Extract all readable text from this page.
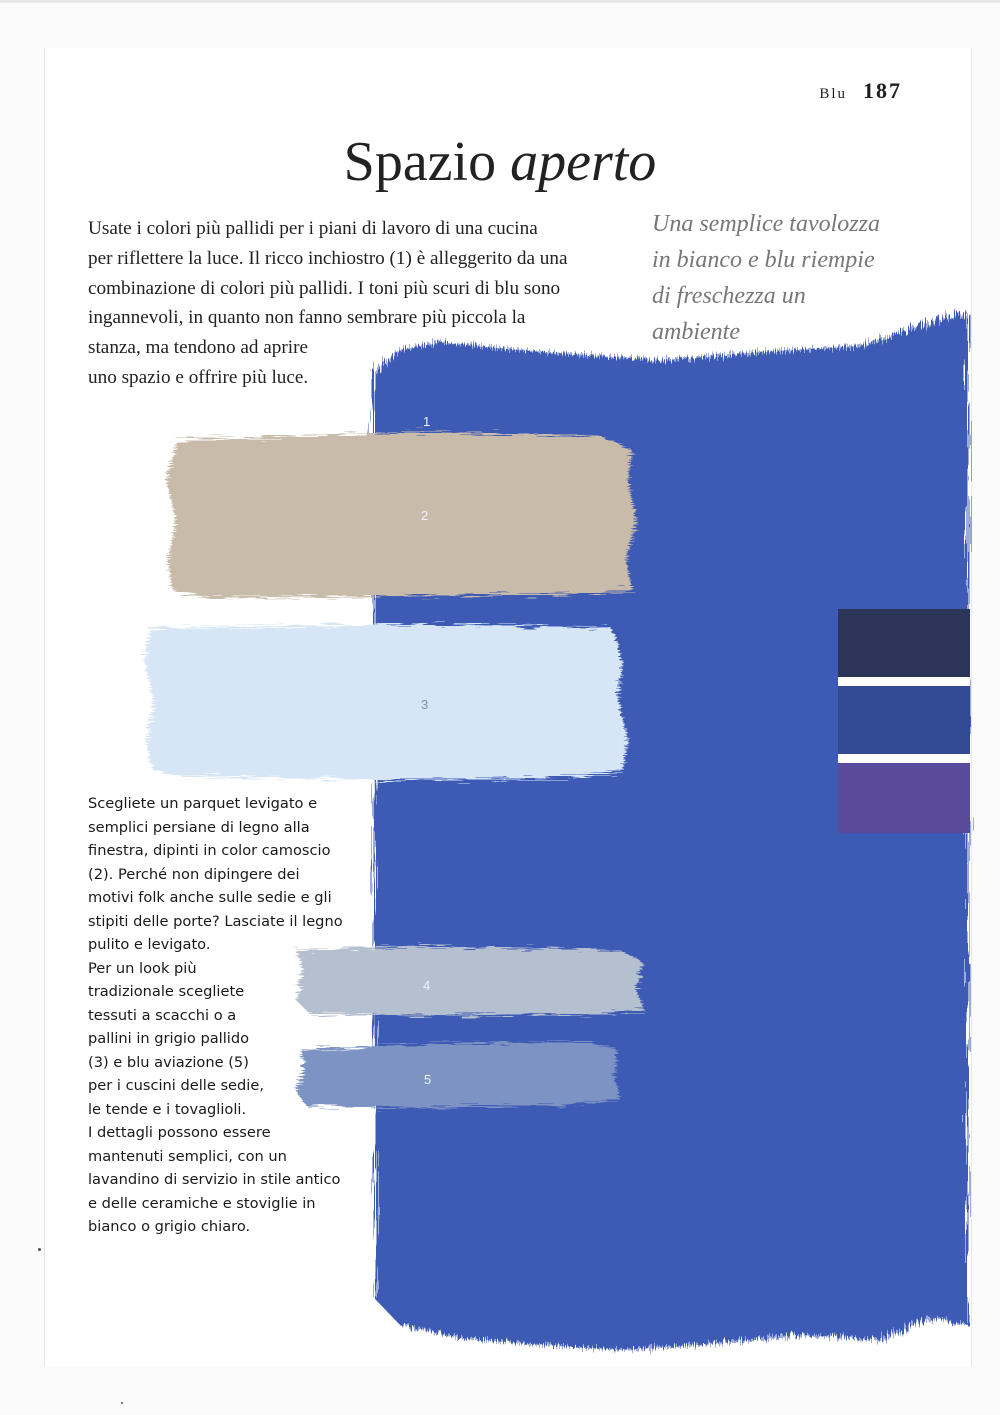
Blu 187
Spazio aperto
Usate i colori più pallidi per i piani di lavoro di una cucina
per riflettere la luce. Il ricco inchiostro (1) è alleggerito da una
combinazione di colori più pallidi. I toni più scuri di blu sono
ingannevoli, in quanto non fanno sembrare più piccola la
stanza, ma tendono ad aprire
uno spazio e offrire più luce.
Una semplice tavolozza
in bianco e blu riempie
di freschezza un
ambiente
1
2
3
4
5
Scegliete un parquet levigato e
semplici persiane di legno alla
finestra, dipinti in color camoscio
(2). Perché non dipingere dei
motivi folk anche sulle sedie e gli
stipiti delle porte? Lasciate il legno
pulito e levigato.
Per un look più
tradizionale scegliete
tessuti a scacchi o a
pallini in grigio pallido
(3) e blu aviazione (5)
per i cuscini delle sedie,
le tende e i tovaglioli.
I dettagli possono essere
mantenuti semplici, con un
lavandino di servizio in stile antico
e delle ceramiche e stoviglie in
bianco o grigio chiaro.
